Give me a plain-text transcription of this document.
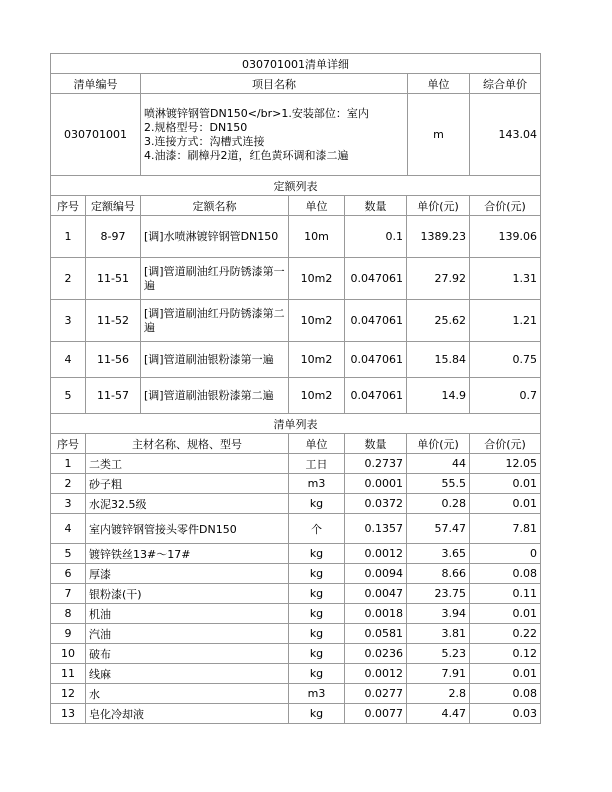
030701001清单详细			
清单编号	项目名称	单位	综合单价
030701001	喷淋镀锌钢管DN150</br>1.安装部位：室内
2.规格型号：DN150
3.连接方式：沟槽式连接
4.油漆：刷樟丹2道，红色黄环调和漆二遍	m	143.04
定额列表						
序号	定额编号	定额名称	单位	数量	单价(元)	合价(元)
1	8-97	[调]水喷淋镀锌钢管DN150	10m	0.1	1389.23	139.06
2	11-51	[调]管道刷油红丹防锈漆第一遍	10m2	0.047061	27.92	1.31
3	11-52	[调]管道刷油红丹防锈漆第二遍	10m2	0.047061	25.62	1.21
4	11-56	[调]管道刷油银粉漆第一遍	10m2	0.047061	15.84	0.75
5	11-57	[调]管道刷油银粉漆第二遍	10m2	0.047061	14.9	0.7
清单列表
序号	主材名称、规格、型号	单位	数量	单价(元)	合价(元)
1	二类工	工日	0.2737	44	12.05
2	砂子粗	m3	0.0001	55.5	0.01
3	水泥32.5级	kg	0.0372	0.28	0.01
4	室内镀锌钢管接头零件DN150	个	0.1357	57.47	7.81
5	镀锌铁丝13#～17#	kg	0.0012	3.65	0
6	厚漆	kg	0.0094	8.66	0.08
7	银粉漆(干)	kg	0.0047	23.75	0.11
8	机油	kg	0.0018	3.94	0.01
9	汽油	kg	0.0581	3.81	0.22
10	破布	kg	0.0236	5.23	0.12
11	线麻	kg	0.0012	7.91	0.01
12	水	m3	0.0277	2.8	0.08
13	皂化冷却液	kg	0.0077	4.47	0.03
